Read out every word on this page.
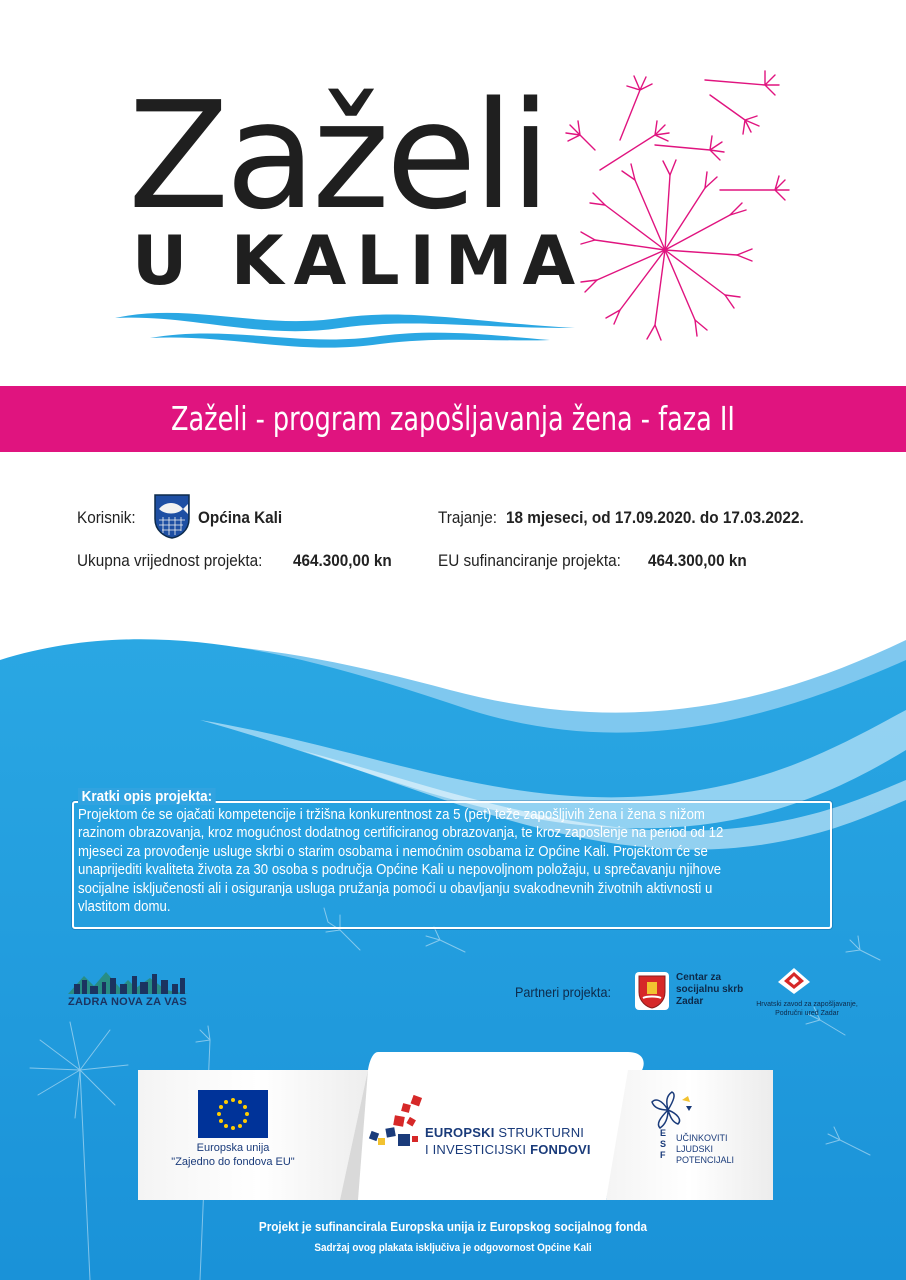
Zaželi
U KALIMA
Zaželi - program zapošljavanja žena - faza II
Korisnik:	Općina Kali	Trajanje: 18 mjeseci, od 17.09.2020. do 17.03.2022.
Ukupna vrijednost projekta: 464.300,00 kn	EU sufinanciranje projekta: 464.300,00 kn
Kratki opis projekta:
Projektom će se ojačati kompetencije i tržišna konkurentnost za 5 (pet) teže zapošljivih žena i žena s nižom
razinom obrazovanja, kroz mogućnost dodatnog certificiranog obrazovanja, te kroz zaposlenje na period od 12
mjeseci za provođenje usluge skrbi o starim osobama i nemoćnim osobama iz Općine Kali. Projektom će se
unaprijediti kvaliteta života za 30 osoba s područja Općine Kali u nepovoljnom položaju, u sprečavanju njihove
socijalne isključenosti ali i osiguranja usluga pružanja pomoći u obavljanju svakodnevnih životnih aktivnosti u
vlastitom domu.
ZADRA NOVA ZA VAS
Partneri projekta:
Centar za
socijalnu skrb
Zadar	Hrvatski zavod za zapošljavanje,
Područni ured Zadar
Europska unija
"Zajedno do fondova EU"
EUROPSKI STRUKTURNI
I INVESTICIJSKI FONDOVI
E
S
F
UČINKOVITI
LJUDSKI
POTENCIJALI
Projekt je sufinancirala Europska unija iz Europskog socijalnog fonda
Sadržaj ovog plakata isključiva je odgovornost Općine Kali
